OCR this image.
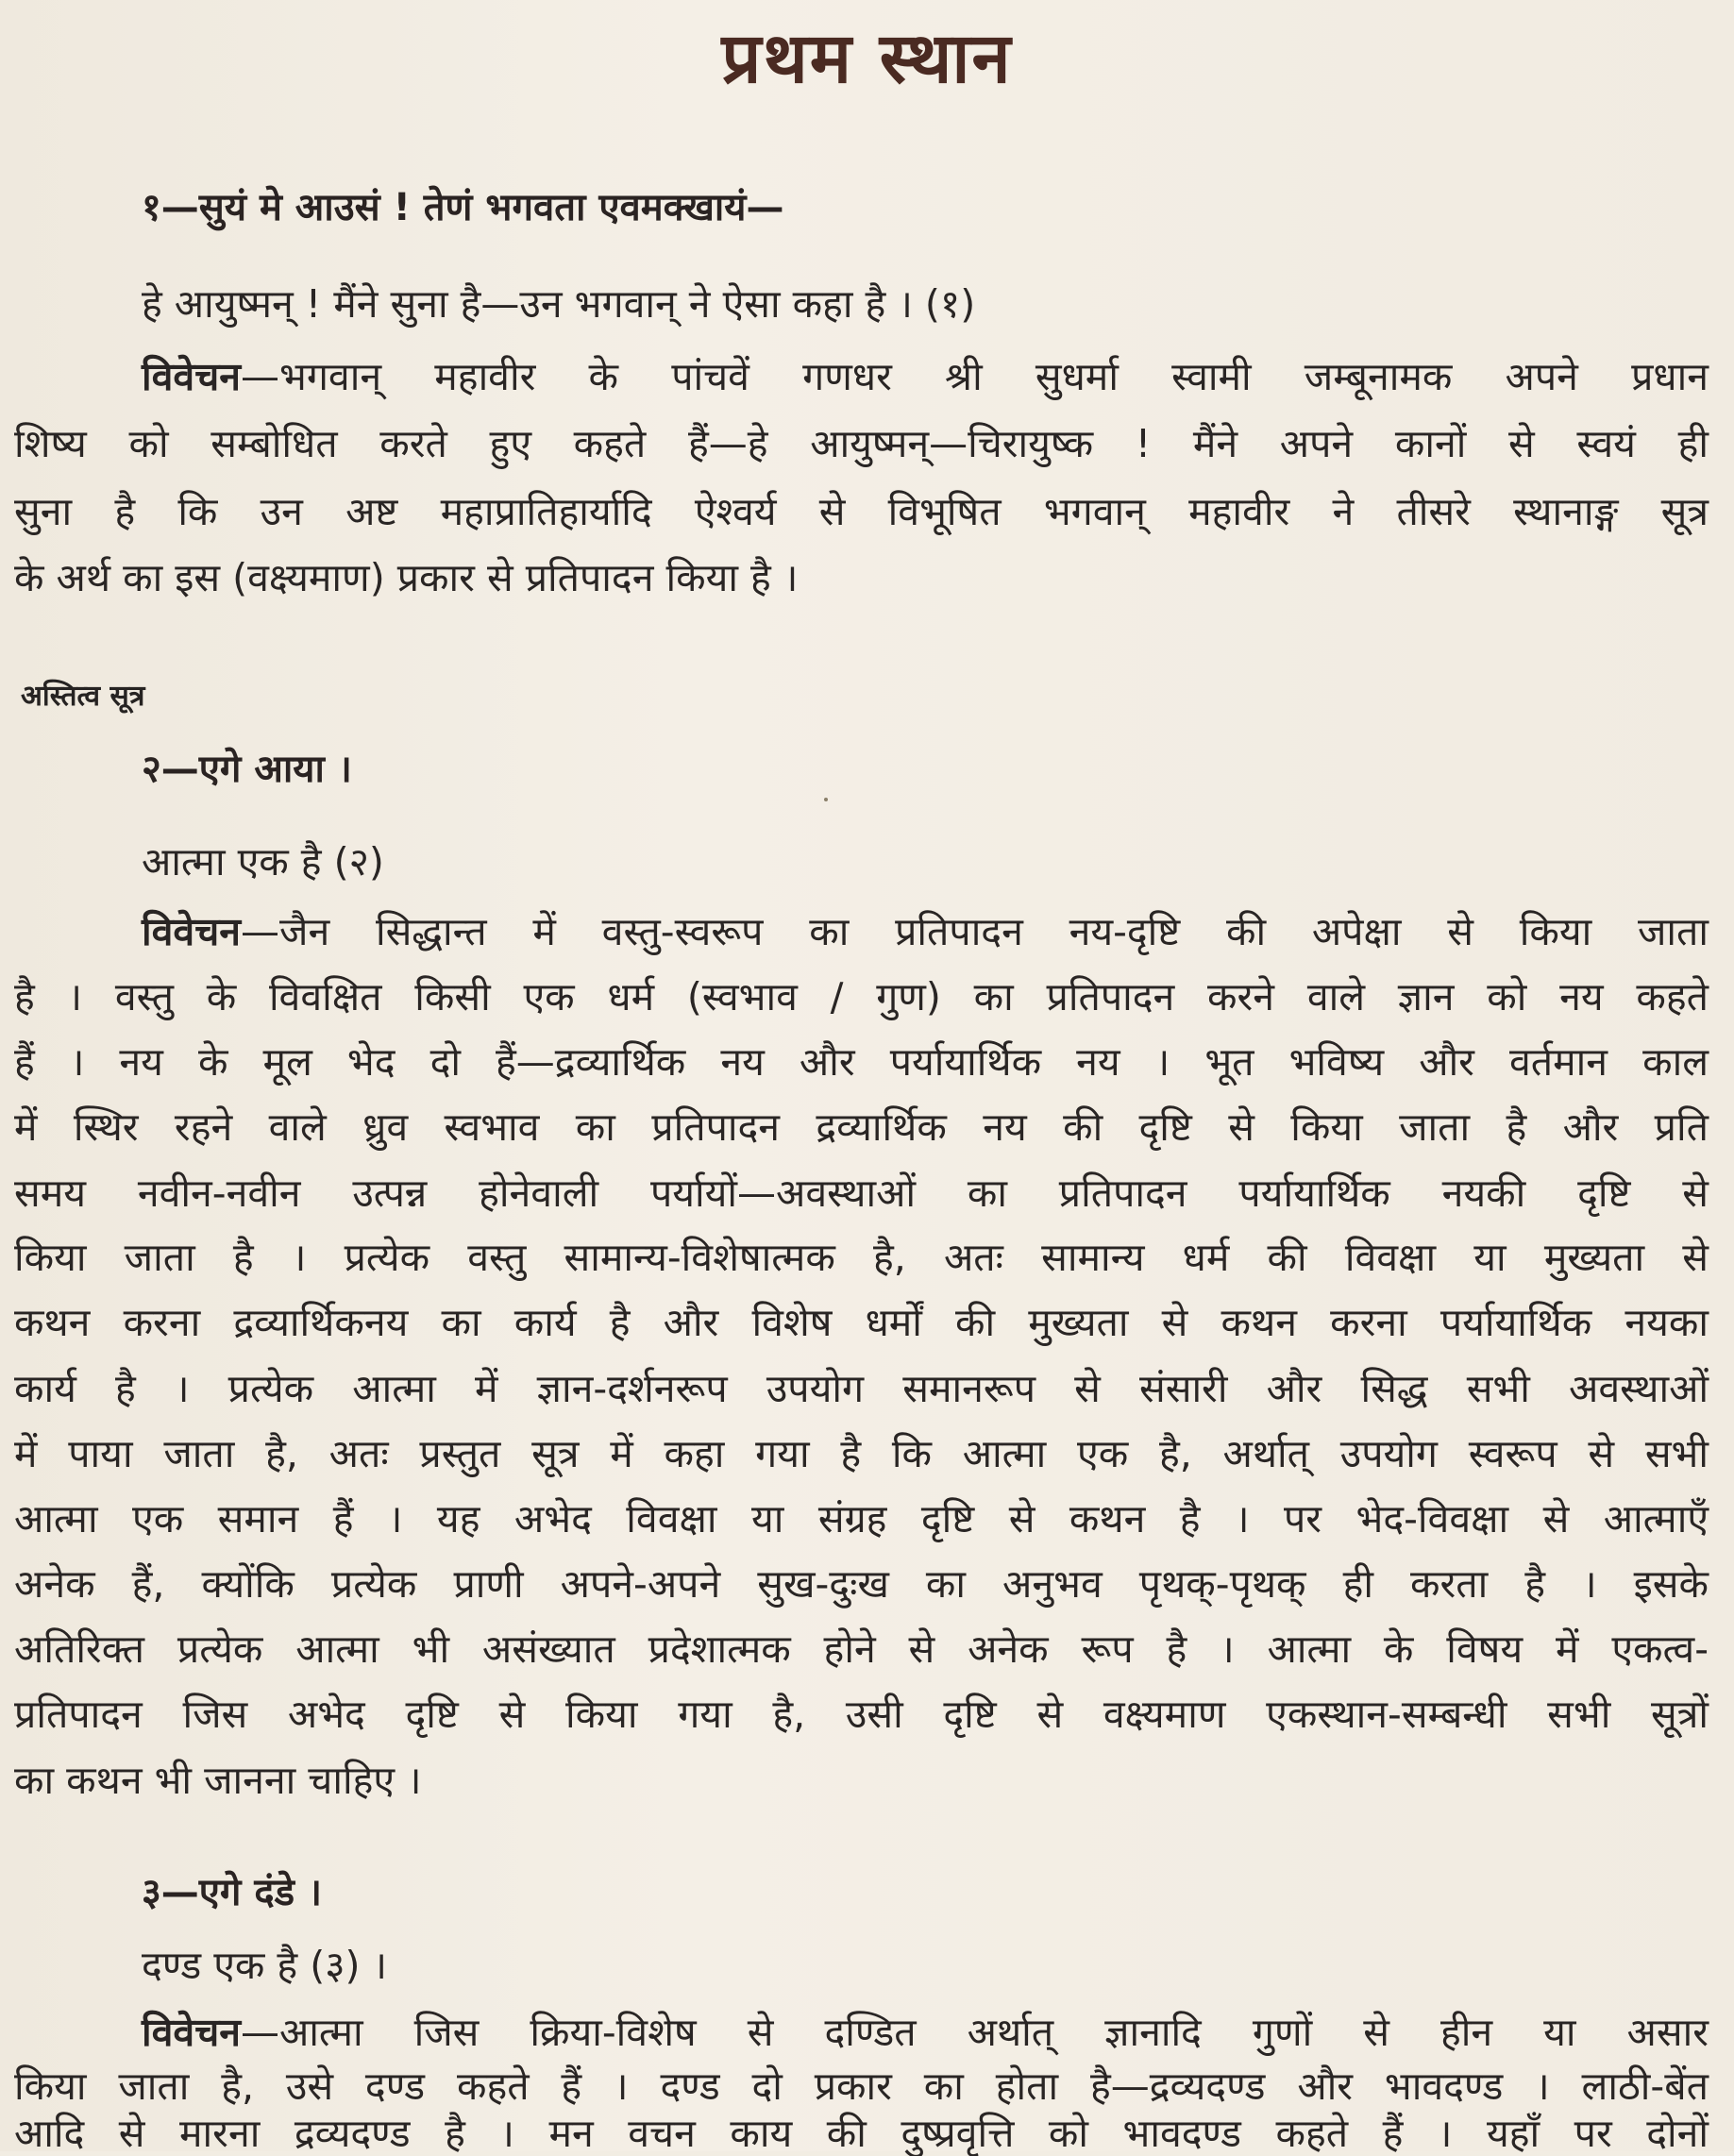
प्रथम स्थान
१—सुयं मे आउसं ! तेणं भगवता एवमक्खायं—
हे आयुष्मन् ! मैंने सुना है—उन भगवान् ने ऐसा कहा है । (१)
विवेचन—भगवान् महावीर के पांचवें गणधर श्री सुधर्मा स्वामी जम्बूनामक अपने प्रधान
शिष्य को सम्बोधित करते हुए कहते हैं—हे आयुष्मन्—चिरायुष्क ! मैंने अपने कानों से स्वयं ही
सुना है कि उन अष्ट महाप्रातिहार्यादि ऐश्वर्य से विभूषित भगवान् महावीर ने तीसरे स्थानाङ्ग सूत्र
के अर्थ का इस (वक्ष्यमाण) प्रकार से प्रतिपादन किया है ।
अस्तित्व सूत्र
२—एगे आया ।
आत्मा एक है (२)
विवेचन—जैन सिद्धान्त में वस्तु-स्वरूप का प्रतिपादन नय-दृष्टि की अपेक्षा से किया जाता
है । वस्तु के विवक्षित किसी एक धर्म (स्वभाव / गुण) का प्रतिपादन करने वाले ज्ञान को नय कहते
हैं । नय के मूल भेद दो हैं—द्रव्यार्थिक नय और पर्यायार्थिक नय । भूत भविष्य और वर्तमान काल
में स्थिर रहने वाले ध्रुव स्वभाव का प्रतिपादन द्रव्यार्थिक नय की दृष्टि से किया जाता है और प्रति
समय नवीन-नवीन उत्पन्न होनेवाली पर्यायों—अवस्थाओं का प्रतिपादन पर्यायार्थिक नयकी दृष्टि से
किया जाता है । प्रत्येक वस्तु सामान्य-विशेषात्मक है, अतः सामान्य धर्म की विवक्षा या मुख्यता से
कथन करना द्रव्यार्थिकनय का कार्य है और विशेष धर्मों की मुख्यता से कथन करना पर्यायार्थिक नयका
कार्य है । प्रत्येक आत्मा में ज्ञान-दर्शनरूप उपयोग समानरूप से संसारी और सिद्ध सभी अवस्थाओं
में पाया जाता है, अतः प्रस्तुत सूत्र में कहा गया है कि आत्मा एक है, अर्थात् उपयोग स्वरूप से सभी
आत्मा एक समान हैं । यह अभेद विवक्षा या संग्रह दृष्टि से कथन है । पर भेद-विवक्षा से आत्माएँ
अनेक हैं, क्योंकि प्रत्येक प्राणी अपने-अपने सुख-दुःख का अनुभव पृथक्-पृथक् ही करता है । इसके
अतिरिक्त प्रत्येक आत्मा भी असंख्यात प्रदेशात्मक होने से अनेक रूप है । आत्मा के विषय में एकत्व-
प्रतिपादन जिस अभेद दृष्टि से किया गया है, उसी दृष्टि से वक्ष्यमाण एकस्थान-सम्बन्धी सभी सूत्रों
का कथन भी जानना चाहिए ।
३—एगे दंडे ।
दण्ड एक है (३) ।
विवेचन—आत्मा जिस क्रिया-विशेष से दण्डित अर्थात् ज्ञानादि गुणों से हीन या असार
किया जाता है, उसे दण्ड कहते हैं । दण्ड दो प्रकार का होता है—द्रव्यदण्ड और भावदण्ड । लाठी-बेंत
आदि से मारना द्रव्यदण्ड है । मन वचन काय की दुष्प्रवृत्ति को भावदण्ड कहते हैं । यहाँ पर दोनों
